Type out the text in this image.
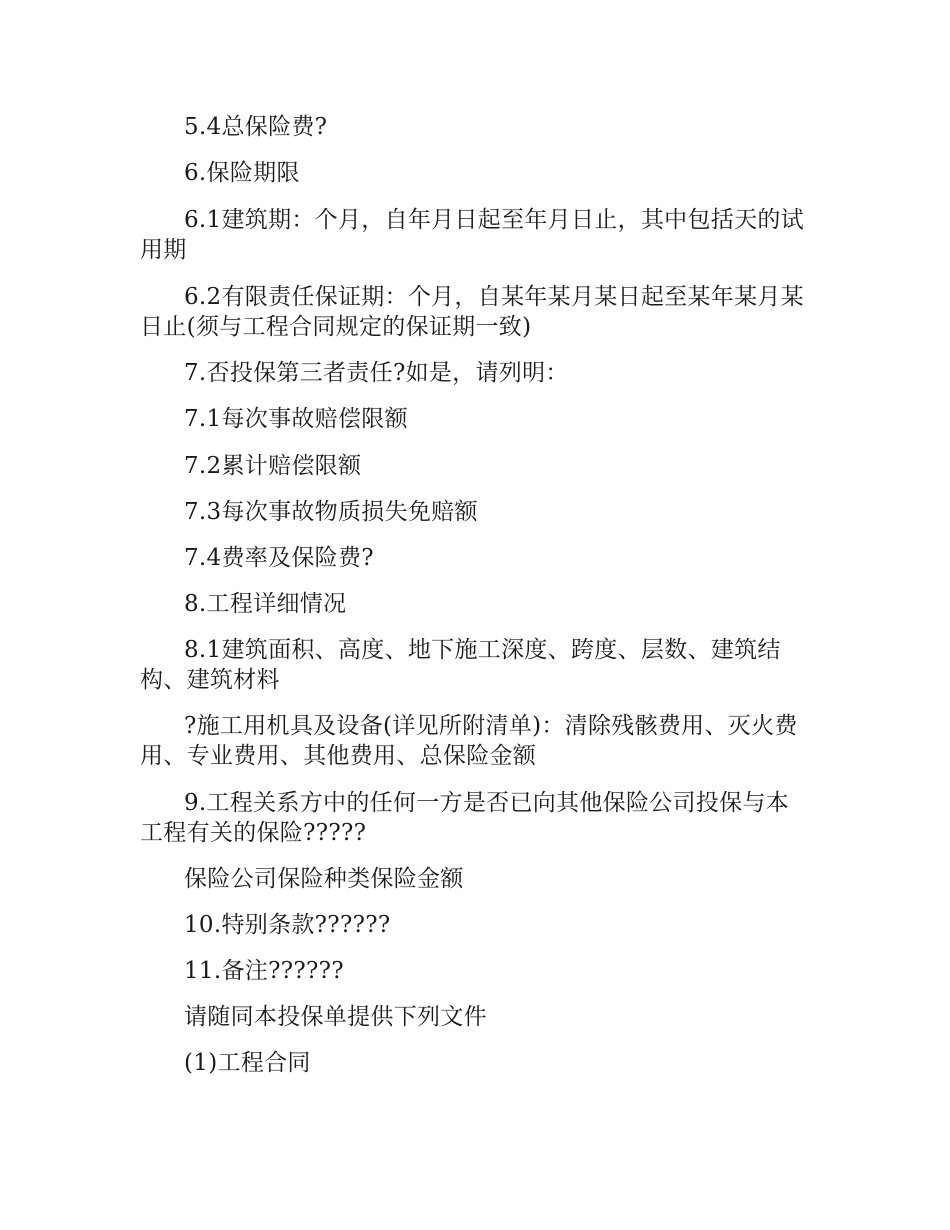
5.4总保险费?

6.保险期限

6.1建筑期：个月，自年月日起至年月日止，其中包括天的试用期

6.2有限责任保证期：个月，自某年某月某日起至某年某月某日止(须与工程合同规定的保证期一致)

7.否投保第三者责任?如是，请列明：

7.1每次事故赔偿限额

7.2累计赔偿限额

7.3每次事故物质损失免赔额

7.4费率及保险费?

8.工程详细情况

8.1建筑面积、高度、地下施工深度、跨度、层数、建筑结构、建筑材料

?施工用机具及设备(详见所附清单)：清除残骸费用、灭火费用、专业费用、其他费用、总保险金额

9.工程关系方中的任何一方是否已向其他保险公司投保与本工程有关的保险?????

保险公司保险种类保险金额

10.特别条款??????

11.备注??????

请随同本投保单提供下列文件

(1)工程合同
